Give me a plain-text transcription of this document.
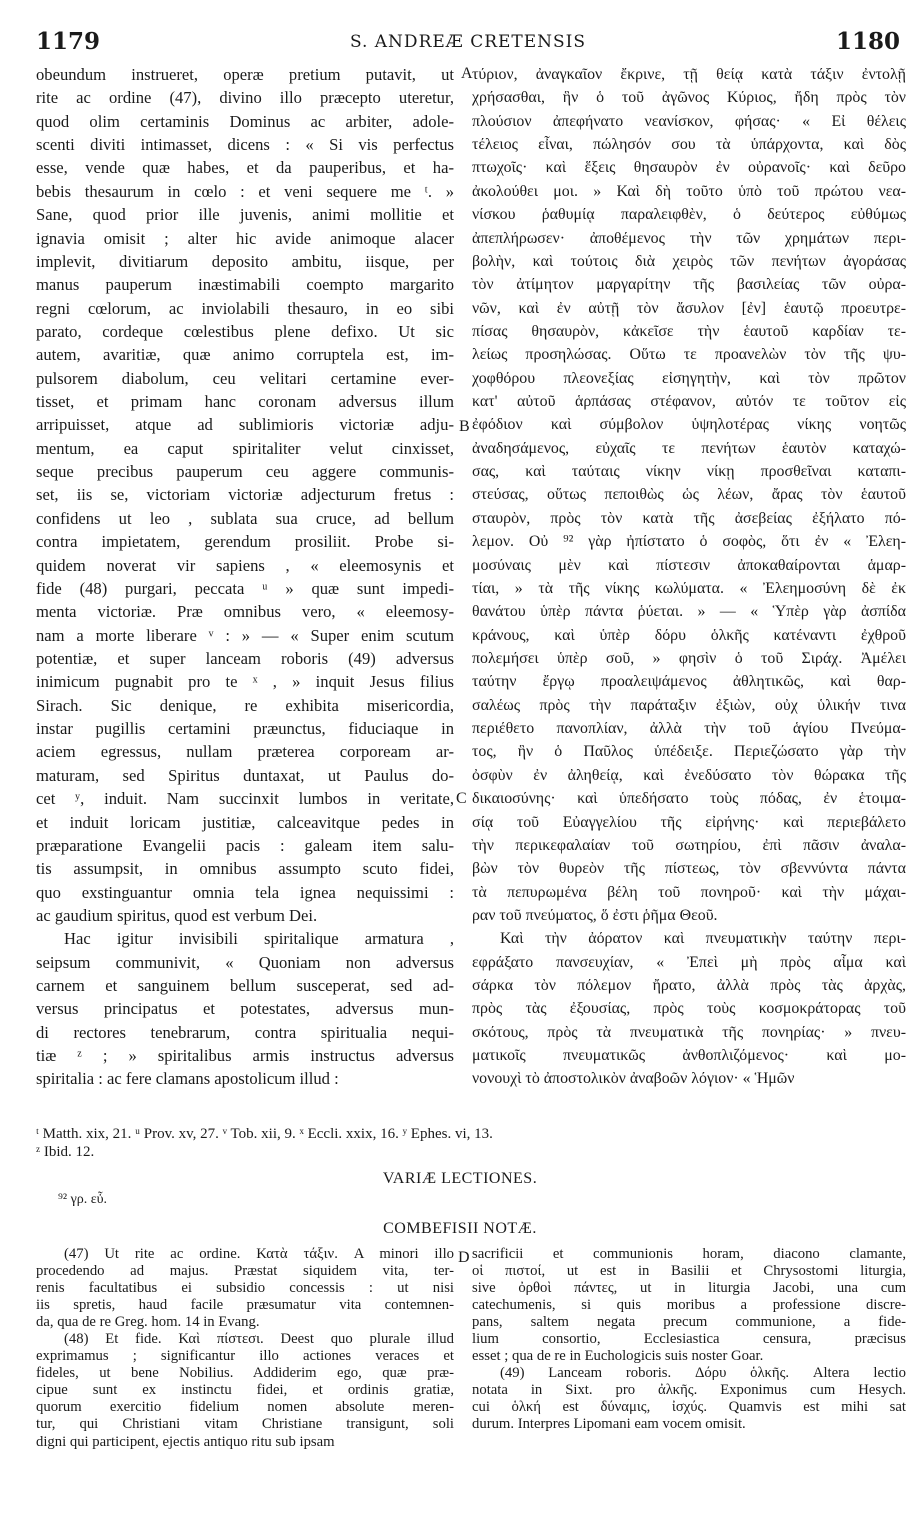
1179	S. ANDREÆ CRETENSIS	1180
obeundum instrueret, operæ pretium putavit, ut
rite ac ordine (47), divino illo præcepto uteretur,
quod olim certaminis Dominus ac arbiter, adole-
scenti diviti intimasset, dicens : « Si vis perfectus
esse, vende quæ habes, et da pauperibus, et ha-
bebis thesaurum in cœlo : et veni sequere me ᵗ. »
Sane, quod prior ille juvenis, animi mollitie et
ignavia omisit ; alter hic avide animoque alacer
implevit, divitiarum deposito ambitu, iisque, per
manus pauperum inæstimabili coempto margarito
regni cœlorum, ac inviolabili thesauro, in eo sibi
parato, cordeque cœlestibus plene defixo. Ut sic
autem, avaritiæ, quæ animo corruptela est, im-
pulsorem diabolum, ceu velitari certamine ever-
tisset, et primam hanc coronam adversus illum
arripuisset, atque ad sublimioris victoriæ adju-
mentum, ea caput spiritaliter velut cinxisset,
seque precibus pauperum ceu aggere communis-
set, iis se, victoriam victoriæ adjecturum fretus :
confidens ut leo , sublata sua cruce, ad bellum
contra impietatem, gerendum prosiliit. Probe si-
quidem noverat vir sapiens , « eleemosynis et
fide (48) purgari, peccata ᵘ » quæ sunt impedi-
menta victoriæ. Præ omnibus vero, « eleemosy-
nam a morte liberare ᵛ : » — « Super enim scutum
potentiæ, et super lanceam roboris (49) adversus
inimicum pugnabit pro te ˣ , » inquit Jesus filius
Sirach. Sic denique, re exhibita misericordia,
instar pugillis certamini præunctus, fiduciaque in
aciem egressus, nullam præterea corpoream ar-
maturam, sed Spiritus duntaxat, ut Paulus do-
cet ʸ, induit. Nam succinxit lumbos in veritate,
et induit loricam justitiæ, calceavitque pedes in
præparatione Evangelii pacis : galeam item salu-
tis assumpsit, in omnibus assumpto scuto fidei,
quo exstinguantur omnia tela ignea nequissimi :
ac gaudium spiritus, quod est verbum Dei.
Hac igitur invisibili spiritalique armatura ,
seipsum communivit, « Quoniam non adversus
carnem et sanguinem bellum susceperat, sed ad-
versus principatus et potestates, adversus mun-
di rectores tenebrarum, contra spiritualia nequi-
tiæ ᶻ ; » spiritalibus armis instructus adversus
spiritalia : ac fere clamans apostolicum illud :
τύριον, ἀναγκαῖον ἔκρινε, τῇ θείᾳ κατὰ τάξιν ἐντολῇ
χρήσασθαι, ἣν ὁ τοῦ ἀγῶνος Κύριος, ἤδη πρὸς τὸν
πλούσιον ἀπεφήνατο νεανίσκον, φήσας· « Εἰ θέλεις
τέλειος εἶναι, πώλησόν σου τὰ ὑπάρχοντα, καὶ δὸς
πτωχοῖς· καὶ ἕξεις θησαυρὸν ἐν οὐρανοῖς· καὶ δεῦρο
ἀκολούθει μοι. » Καὶ δὴ τοῦτο ὑπὸ τοῦ πρώτου νεα-
νίσκου ῥαθυμίᾳ παραλειφθὲν, ὁ δεύτερος εὐθύμως
ἀπεπλήρωσεν· ἀποθέμενος τὴν τῶν χρημάτων περι-
βολὴν, καὶ τούτοις διὰ χειρὸς τῶν πενήτων ἀγοράσας
τὸν ἀτίμητον μαργαρίτην τῆς βασιλείας τῶν οὐρα-
νῶν, καὶ ἐν αὐτῇ τὸν ἄσυλον [ἐν] ἑαυτῷ προευτρε-
πίσας θησαυρὸν, κἀκεῖσε τὴν ἑαυτοῦ καρδίαν τε-
λείως προσηλώσας. Οὕτω τε προανελὼν τὸν τῆς ψυ-
χοφθόρου πλεονεξίας εἰσηγητὴν, καὶ τὸν πρῶτον
κατ' αὐτοῦ ἁρπάσας στέφανον, αὐτόν τε τοῦτον εἰς
ἐφόδιον καὶ σύμβολον ὑψηλοτέρας νίκης νοητῶς
ἀναδησάμενος, εὐχαῖς τε πενήτων ἑαυτὸν καταχώ-
σας, καὶ ταύταις νίκην νίκῃ προσθεῖναι καταπι-
στεύσας, οὕτως πεποιθὼς ὡς λέων, ἄρας τὸν ἑαυτοῦ
σταυρὸν, πρὸς τὸν κατὰ τῆς ἀσεβείας ἐξήλατο πό-
λεμον. Οὐ ⁹² γὰρ ἠπίστατο ὁ σοφὸς, ὅτι ἐν « Ἐλεη-
μοσύναις μὲν καὶ πίστεσιν ἀποκαθαίρονται ἁμαρ-
τίαι, » τὰ τῆς νίκης κωλύματα. « Ἐλεημοσύνη δὲ ἐκ
θανάτου ὑπὲρ πάντα ῥύεται. » — « Ὑπὲρ γὰρ ἀσπίδα
κράνους, καὶ ὑπὲρ δόρυ ὁλκῆς κατέναντι ἐχθροῦ
πολεμήσει ὑπὲρ σοῦ, » φησὶν ὁ τοῦ Σιράχ. Ἀμέλει
ταύτην ἔργῳ προαλειψάμενος ἀθλητικῶς, καὶ θαρ-
σαλέως πρὸς τὴν παράταξιν ἐξιὼν, οὐχ ὑλικήν τινα
περιέθετο πανοπλίαν, ἀλλὰ τὴν τοῦ ἁγίου Πνεύμα-
τος, ἣν ὁ Παῦλος ὑπέδειξε. Περιεζώσατο γὰρ τὴν
ὀσφὺν ἐν ἀληθείᾳ, καὶ ἐνεδύσατο τὸν θώρακα τῆς
δικαιοσύνης· καὶ ὑπεδήσατο τοὺς πόδας, ἐν ἑτοιμα-
σίᾳ τοῦ Εὐαγγελίου τῆς εἰρήνης· καὶ περιεβάλετο
τὴν περικεφαλαίαν τοῦ σωτηρίου, ἐπὶ πᾶσιν ἀναλα-
βὼν τὸν θυρεὸν τῆς πίστεως, τὸν σβεννύντα πάντα
τὰ πεπυρωμένα βέλη τοῦ πονηροῦ· καὶ τὴν μάχαι-
ραν τοῦ πνεύματος, ὅ ἐστι ῥῆμα Θεοῦ.
Καὶ τὴν ἀόρατον καὶ πνευματικὴν ταύτην περι-
εφράξατο πανσευχίαν, « Ἐπεὶ μὴ πρὸς αἷμα καὶ
σάρκα τὸν πόλεμον ἤρατο, ἀλλὰ πρὸς τὰς ἀρχὰς,
πρὸς τὰς ἐξουσίας, πρὸς τοὺς κοσμοκράτορας τοῦ
σκότους, πρὸς τὰ πνευματικὰ τῆς πονηρίας· » πνευ-
ματικοῖς πνευματικῶς ἀνθοπλιζόμενος· καὶ μο-
νονουχὶ τὸ ἀποστολικὸν ἀναβοῶν λόγιον· « Ἡμῶν
A
B
C
D
ᵗ Matth. xix, 21. ᵘ Prov. xv, 27. ᵛ Tob. xii, 9. ˣ Eccli. xxix, 16. ʸ Ephes. vi, 13.
ᶻ Ibid. 12.
VARIÆ LECTIONES.
⁹² γρ. εὖ.
COMBEFISII NOTÆ.
(47) Ut rite ac ordine. Κατὰ τάξιν. A minori illo
procedendo ad majus. Præstat siquidem vita, ter-
renis facultatibus ei subsidio concessis : ut nisi
iis spretis, haud facile præsumatur vita contemnen-
da, qua de re Greg. hom. 14 in Evang.
(48) Et fide. Καὶ πίστεσι. Deest quo plurale illud
exprimamus ; significantur illo actiones veraces et
fideles, ut bene Nobilius. Addiderim ego, quæ præ-
cipue sunt ex instinctu fidei, et ordinis gratiæ,
quorum exercitio fidelium nomen absolute meren-
tur, qui Christiani vitam Christiane transigunt, soli
digni qui participent, ejectis antiquo ritu sub ipsam
sacrificii et communionis horam, diacono clamante,
οἱ πιστοί, ut est in Basilii et Chrysostomi liturgia,
sive ὀρθοὶ πάντες, ut in liturgia Jacobi, una cum
catechumenis, si quis moribus a professione discre-
pans, saltem negata precum communione, a fide-
lium consortio, Ecclesiastica censura, præcisus
esset ; qua de re in Euchologicis suis noster Goar.
(49) Lanceam roboris. Δόρυ ὁλκῆς. Altera lectio
notata in Sixt. pro ἀλκῆς. Exponimus cum Hesych.
cui ὁλκή est δύναμις, ἰσχύς. Quamvis est mihi sat
durum. Interpres Lipomani eam vocem omisit.
